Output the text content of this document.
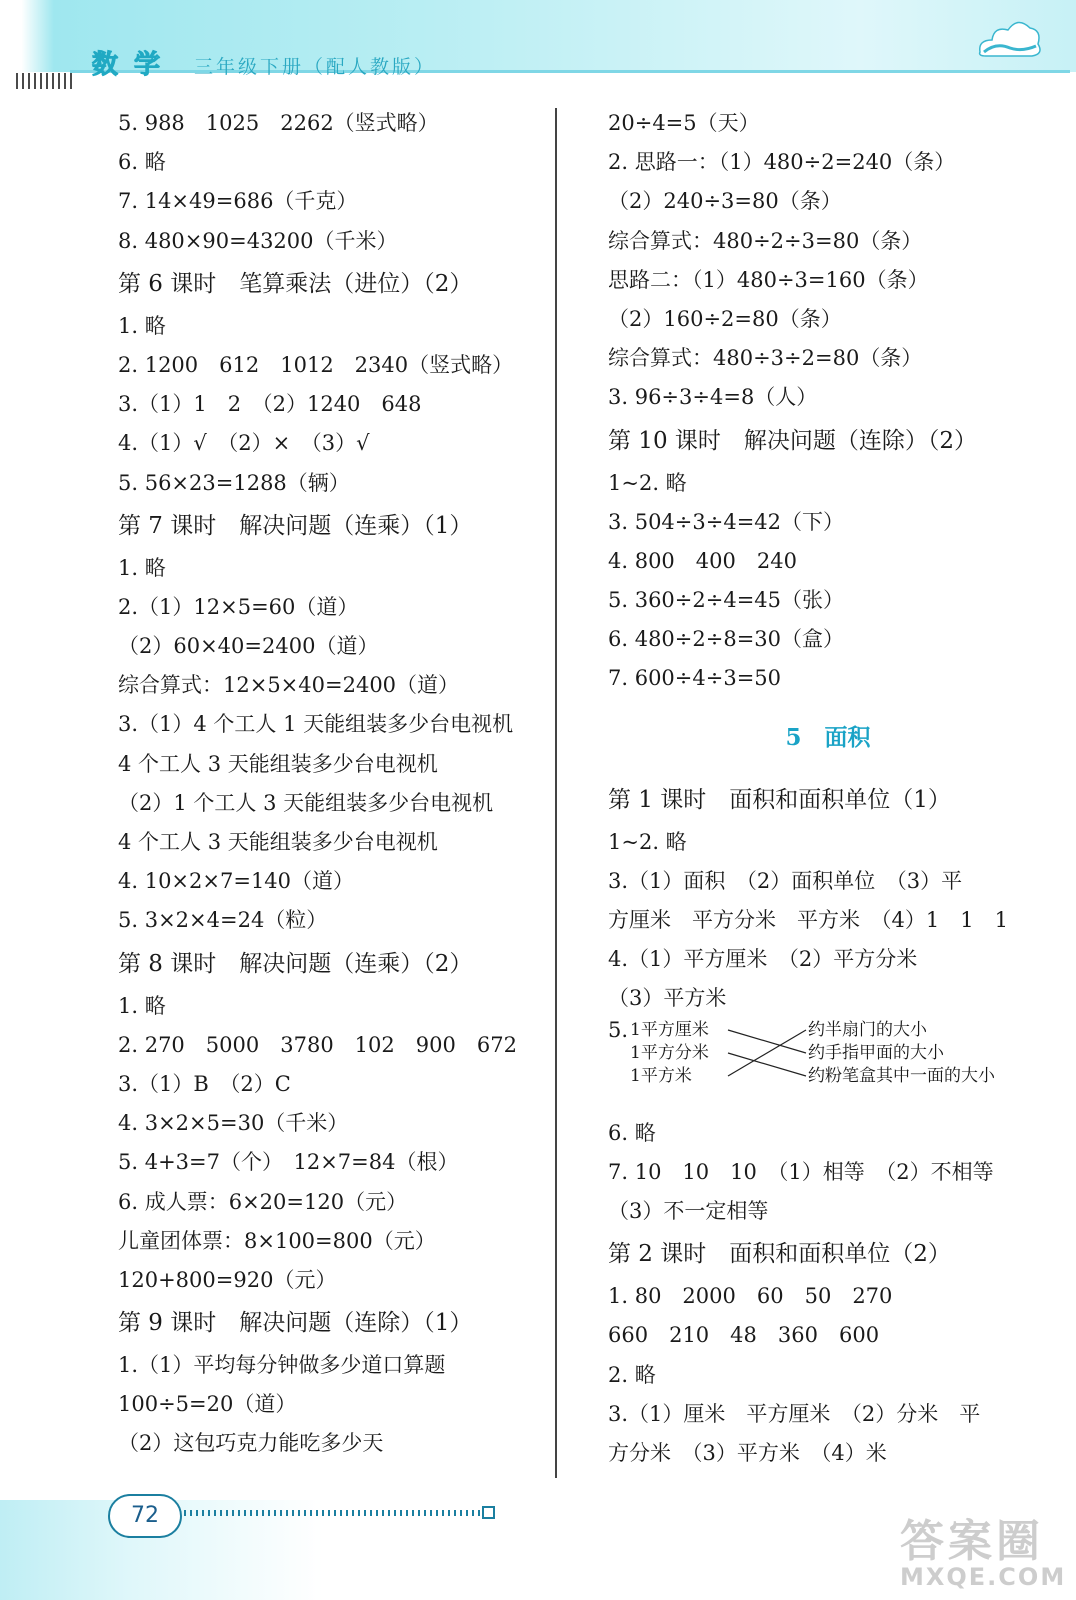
数学 三年级下册（配人教版）
5. 988　1025　2262（竖式略）
6. 略
7. 14×49=686（千克）
8. 480×90=43200（千米）
第 6 课时　笔算乘法（进位）（2）
1. 略
2. 1200　612　1012　2340（竖式略）
3.（1）1　2　（2）1240　648
4.（1）√　（2）×　（3）√
5. 56×23=1288（辆）
第 7 课时　解决问题（连乘）（1）
1. 略
2.（1）12×5=60（道）
（2）60×40=2400（道）
综合算式：12×5×40=2400（道）
3.（1）4 个工人 1 天能组装多少台电视机
4 个工人 3 天能组装多少台电视机
（2）1 个工人 3 天能组装多少台电视机
4 个工人 3 天能组装多少台电视机
4. 10×2×7=140（道）
5. 3×2×4=24（粒）
第 8 课时　解决问题（连乘）（2）
1. 略
2. 270　5000　3780　102　900　672
3.（1）B　（2）C
4. 3×2×5=30（千米）
5. 4+3=7（个）　12×7=84（根）
6. 成人票：6×20=120（元）
儿童团体票：8×100=800（元）
120+800=920（元）
第 9 课时　解决问题（连除）（1）
1.（1）平均每分钟做多少道口算题
100÷5=20（道）
（2）这包巧克力能吃多少天
20÷4=5（天）
2. 思路一：（1）480÷2=240（条）
（2）240÷3=80（条）
综合算式：480÷2÷3=80（条）
思路二：（1）480÷3=160（条）
（2）160÷2=80（条）
综合算式：480÷3÷2=80（条）
3. 96÷3÷4=8（人）
第 10 课时　解决问题（连除）（2）
1~2. 略
3. 504÷3÷4=42（下）
4. 800　400　240
5. 360÷2÷4=45（张）
6. 480÷2÷8=30（盒）
7. 600÷4÷3=50
5　面积
第 1 课时　面积和面积单位（1）
1~2. 略
3.（1）面积　（2）面积单位　（3）平
方厘米　平方分米　平方米　（4）1　1　1
4.（1）平方厘米　（2）平方分米
（3）平方米
5. 1平方厘米
1平方分米
1平方米
约半扇门的大小
约手指甲面的大小
约粉笔盒其中一面的大小
6. 略
7. 10　10　10　（1）相等　（2）不相等
（3）不一定相等
第 2 课时　面积和面积单位（2）
1. 80　2000　60　50　270
660　210　48　360　600
2. 略
3.（1）厘米　平方厘米　（2）分米　平
方分米　（3）平方米　（4）米
72
答案圈
MXQE.COM
